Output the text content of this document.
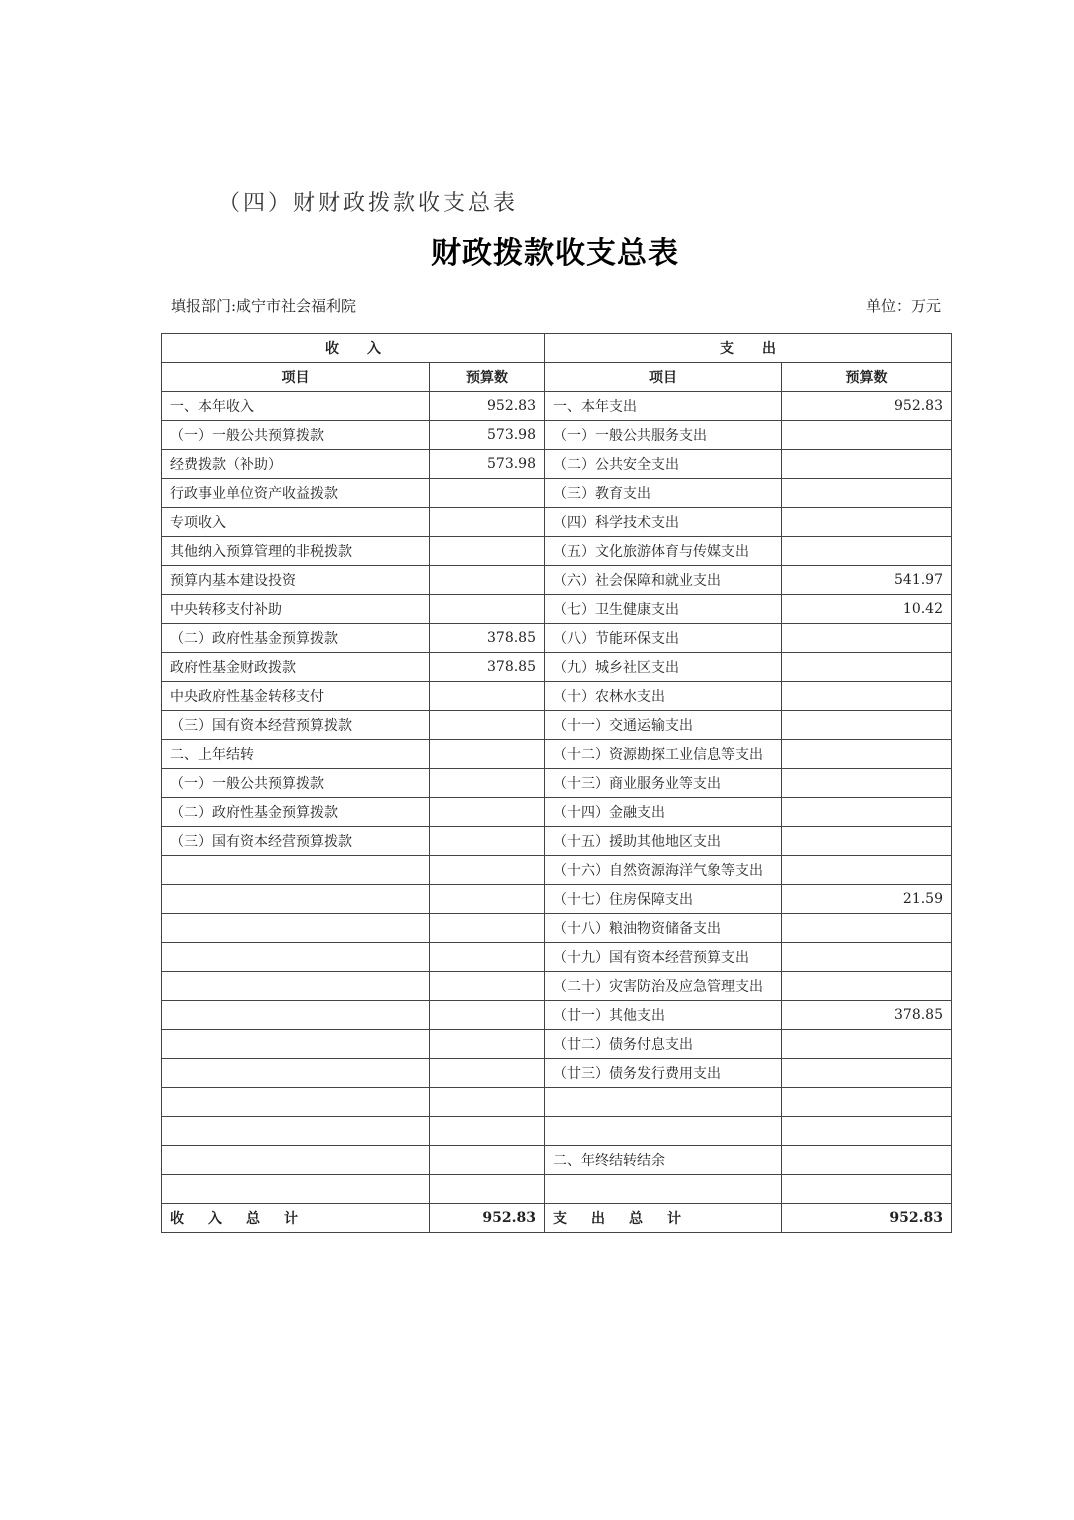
（四）财财政拨款收支总表
财政拨款收支总表
填报部门:咸宁市社会福利院	单位：万元
收　　入		支　　出	
项目	预算数	项目	预算数
一、本年收入	952.83	一、本年支出	952.83
（一）一般公共预算拨款	573.98	（一）一般公共服务支出	
经费拨款（补助）	573.98	（二）公共安全支出	
行政事业单位资产收益拨款		（三）教育支出	
专项收入		（四）科学技术支出	
其他纳入预算管理的非税拨款		（五）文化旅游体育与传媒支出	
预算内基本建设投资		（六）社会保障和就业支出	541.97
中央转移支付补助		（七）卫生健康支出	10.42
（二）政府性基金预算拨款	378.85	（八）节能环保支出	
政府性基金财政拨款	378.85	（九）城乡社区支出	
中央政府性基金转移支付		（十）农林水支出	
（三）国有资本经营预算拨款		（十一）交通运输支出	
二、上年结转		（十二）资源勘探工业信息等支出	
（一）一般公共预算拨款		（十三）商业服务业等支出	
（二）政府性基金预算拨款		（十四）金融支出	
（三）国有资本经营预算拨款		（十五）援助其他地区支出	
		（十六）自然资源海洋气象等支出	
		（十七）住房保障支出	21.59
		（十八）粮油物资储备支出	
		（十九）国有资本经营预算支出	
		（二十）灾害防治及应急管理支出	
		（廿一）其他支出	378.85
		（廿二）债务付息支出	
		（廿三）债务发行费用支出	

		二、年终结转结余	

收入总计	952.83	支出总计	952.83
